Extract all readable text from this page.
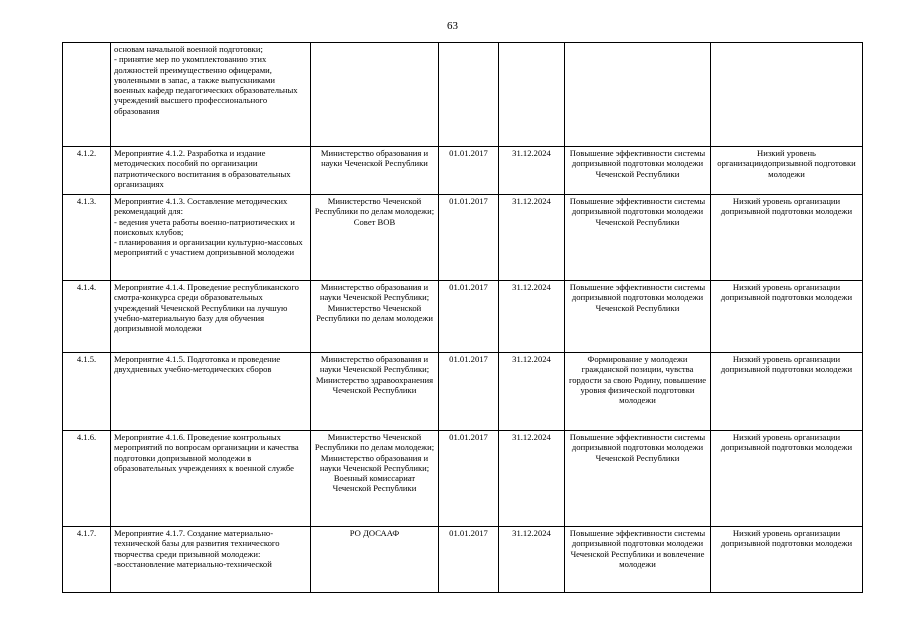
63
	основам начальной военной подготовки;
- принятие мер по укомплектованию этих должностей преимущественно офицерами, уволенными в запас, а также выпускниками военных кафедр педагогических образовательных учреждений высшего профессионального образования					
4.1.2.	Мероприятие 4.1.2. Разработка и издание методических пособий по организации патриотического воспитания в образовательных организациях	Министерство образования и науки Чеченской Республики	01.01.2017	31.12.2024	Повышение эффективности системы допризывной подготовки молодежи Чеченской Республики	Низкий уровень организациидопризывной подготовки молодежи
4.1.3.	Мероприятие 4.1.3. Составление методических рекомендаций для:
- ведения учета работы военно-патриотических и поисковых клубов;
- планирования и организации культурно-массовых мероприятий с участием допризывной молодежи	Министерство Чеченской Республики по делам молодежи; Совет ВОВ	01.01.2017	31.12.2024	Повышение эффективности системы допризывной подготовки молодежи Чеченской Республики	Низкий уровень организации допризывной подготовки молодежи
4.1.4.	Мероприятие 4.1.4. Проведение республиканского смотра-конкурса среди образовательных учреждений Чеченской Республики на лучшую учебно-материальную базу для обучения допризывной молодежи	Министерство образования и науки Чеченской Республики; Министерство Чеченской Республики по делам молодежи	01.01.2017	31.12.2024	Повышение эффективности системы допризывной подготовки молодежи Чеченской Республики	Низкий уровень организации допризывной подготовки молодежи
4.1.5.	Мероприятие 4.1.5. Подготовка и проведение двухдневных учебно-методических сборов	Министерство образования и науки Чеченской Республики; Министерство здравоохранения Чеченской Республики	01.01.2017	31.12.2024	Формирование у молодежи гражданской позиции, чувства гордости за свою Родину, повышение уровня физической подготовки молодежи	Низкий уровень организации допризывной подготовки молодежи
4.1.6.	Мероприятие 4.1.6. Проведение контрольных мероприятий по вопросам организации и качества подготовки допризывной молодежи в образовательных учреждениях к военной службе	Министерство Чеченской Республики по делам молодежи; Министерство образования и науки Чеченской Республики; Военный комиссариат Чеченской Республики	01.01.2017	31.12.2024	Повышение эффективности системы допризывной подготовки молодежи Чеченской Республики	Низкий уровень организации допризывной подготовки молодежи
4.1.7.	Мероприятие 4.1.7. Создание материально-технической базы для развития технического творчества среди призывной молодежи:
-восстановление материально-технической	РО ДОСААФ	01.01.2017	31.12.2024	Повышение эффективности системы допризывной подготовки молодежи Чеченской Республики и вовлечение молодежи	Низкий уровень организации допризывной подготовки молодежи
